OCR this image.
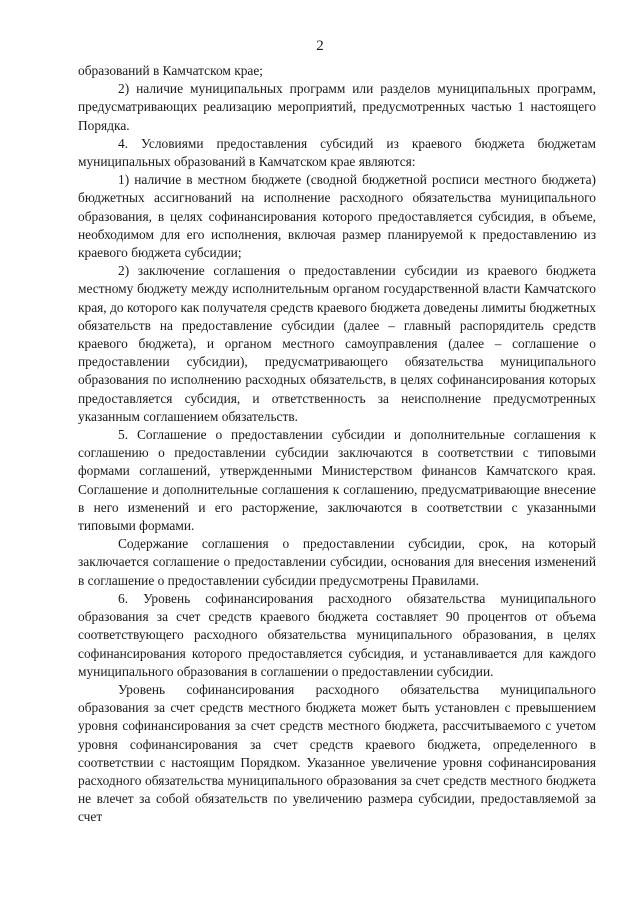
2

образований в Камчатском крае;

2) наличие муниципальных программ или разделов муниципальных программ, предусматривающих реализацию мероприятий, предусмотренных частью 1 настоящего Порядка.

4. Условиями предоставления субсидий из краевого бюджета бюджетам муниципальных образований в Камчатском крае являются:

1) наличие в местном бюджете (сводной бюджетной росписи местного бюджета) бюджетных ассигнований на исполнение расходного обязательства муниципального образования, в целях софинансирования которого предоставляется субсидия, в объеме, необходимом для его исполнения, включая размер планируемой к предоставлению из краевого бюджета субсидии;

2) заключение соглашения о предоставлении субсидии из краевого бюджета местному бюджету между исполнительным органом государственной власти Камчатского края, до которого как получателя средств краевого бюджета доведены лимиты бюджетных обязательств на предоставление субсидии (далее – главный распорядитель средств краевого бюджета), и органом местного самоуправления (далее – соглашение о предоставлении субсидии), предусматривающего обязательства муниципального образования по исполнению расходных обязательств, в целях софинансирования которых предоставляется субсидия, и ответственность за неисполнение предусмотренных указанным соглашением обязательств.

5. Соглашение о предоставлении субсидии и дополнительные соглашения к соглашению о предоставлении субсидии заключаются в соответствии с типовыми формами соглашений, утвержденными Министерством финансов Камчатского края. Соглашение и дополнительные соглашения к соглашению, предусматривающие внесение в него изменений и его расторжение, заключаются в соответствии с указанными типовыми формами.

Содержание соглашения о предоставлении субсидии, срок, на который заключается соглашение о предоставлении субсидии, основания для внесения изменений в соглашение о предоставлении субсидии предусмотрены Правилами.

6. Уровень софинансирования расходного обязательства муниципального образования за счет средств краевого бюджета составляет 90 процентов от объема соответствующего расходного обязательства муниципального образования, в целях софинансирования которого предоставляется субсидия, и устанавливается для каждого муниципального образования в соглашении о предоставлении субсидии.

Уровень софинансирования расходного обязательства муниципального образования за счет средств местного бюджета может быть установлен с превышением уровня софинансирования за счет средств местного бюджета, рассчитываемого с учетом уровня софинансирования за счет средств краевого бюджета, определенного в соответствии с настоящим Порядком. Указанное увеличение уровня софинансирования расходного обязательства муниципального образования за счет средств местного бюджета не влечет за собой обязательств по увеличению размера субсидии, предоставляемой за счет
